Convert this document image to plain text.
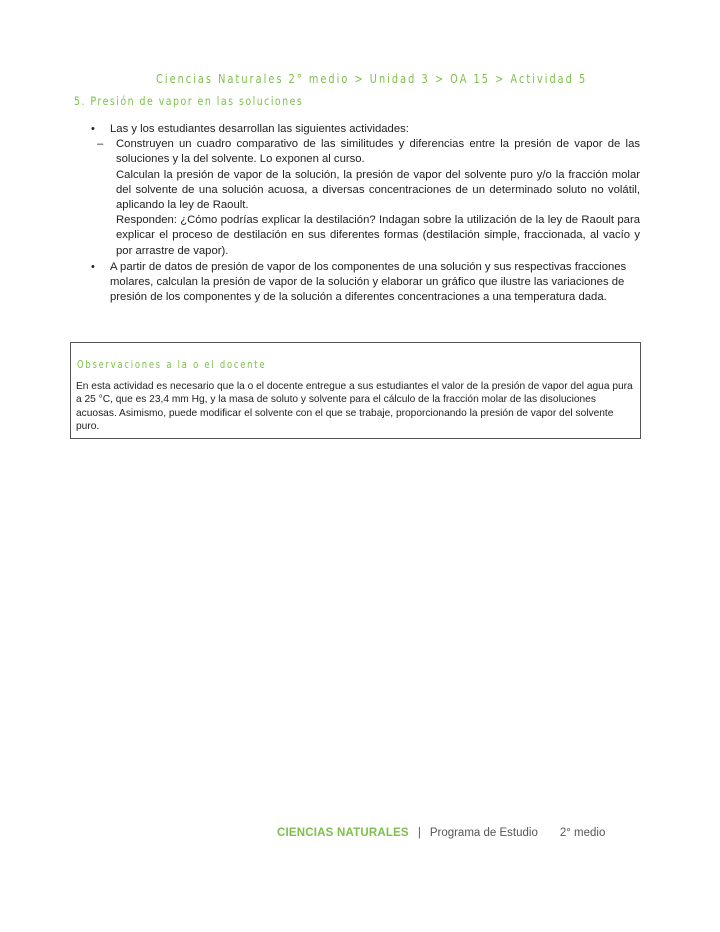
Ciencias Naturales 2° medio > Unidad 3 > OA 15 > Actividad 5
5. Presión de vapor en las soluciones
• Las y los estudiantes desarrollan las siguientes actividades:

– Construyen un cuadro comparativo de las similitudes y diferencias entre la presión de vapor de las soluciones y la del solvente. Lo exponen al curso.

Calculan la presión de vapor de la solución, la presión de vapor del solvente puro y/o la fracción molar del solvente de una solución acuosa, a diversas concentraciones de un determinado soluto no volátil, aplicando la ley de Raoult.

Responden: ¿Cómo podrías explicar la destilación? Indagan sobre la utilización de la ley de Raoult para explicar el proceso de destilación en sus diferentes formas (destilación simple, fraccionada, al vacío y por arrastre de vapor).

• A partir de datos de presión de vapor de los componentes de una solución y sus respectivas fracciones molares, calculan la presión de vapor de la solución y elaborar un gráfico que ilustre las variaciones de presión de los componentes y de la solución a diferentes concentraciones a una temperatura dada.

Observaciones a la o el docente
En esta actividad es necesario que la o el docente entregue a sus estudiantes el valor de la presión de vapor del agua pura a 25 °C, que es 23,4 mm Hg, y la masa de soluto y solvente para el cálculo de la fracción molar de las disoluciones acuosas. Asimismo, puede modificar el solvente con el que se trabaje, proporcionando la presión de vapor del solvente puro.
CIENCIAS NATURALES | Programa de Estudio 2° medio
